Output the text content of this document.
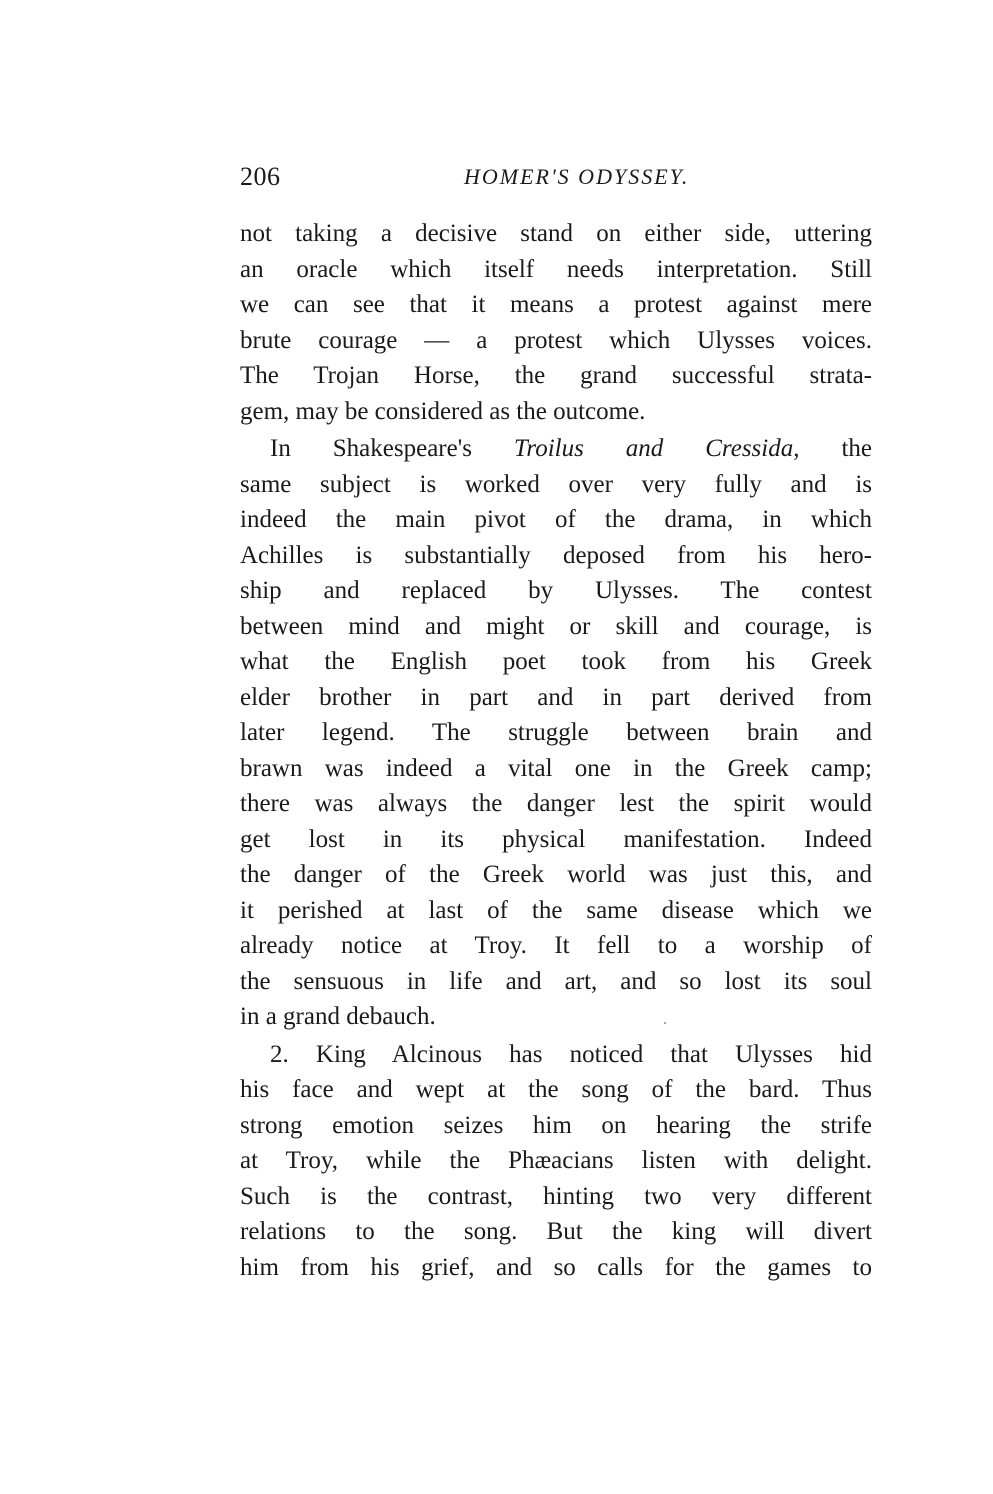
206	HOMER'S ODYSSEY.
not taking a decisive stand on either side, uttering
an oracle which itself needs interpretation. Still
we can see that it means a protest against mere
brute courage — a protest which Ulysses voices.
The Trojan Horse, the grand successful strata-
gem, may be considered as the outcome.
In Shakespeare's Troilus and Cressida, the
same subject is worked over very fully and is
indeed the main pivot of the drama, in which
Achilles is substantially deposed from his hero-
ship and replaced by Ulysses. The contest
between mind and might or skill and courage, is
what the English poet took from his Greek
elder brother in part and in part derived from
later legend. The struggle between brain and
brawn was indeed a vital one in the Greek camp;
there was always the danger lest the spirit would
get lost in its physical manifestation. Indeed
the danger of the Greek world was just this, and
it perished at last of the same disease which we
already notice at Troy. It fell to a worship of
the sensuous in life and art, and so lost its soul
in a grand debauch.
2. King Alcinous has noticed that Ulysses hid
his face and wept at the song of the bard. Thus
strong emotion seizes him on hearing the strife
at Troy, while the Phæacians listen with delight.
Such is the contrast, hinting two very different
relations to the song. But the king will divert
him from his grief, and so calls for the games to
